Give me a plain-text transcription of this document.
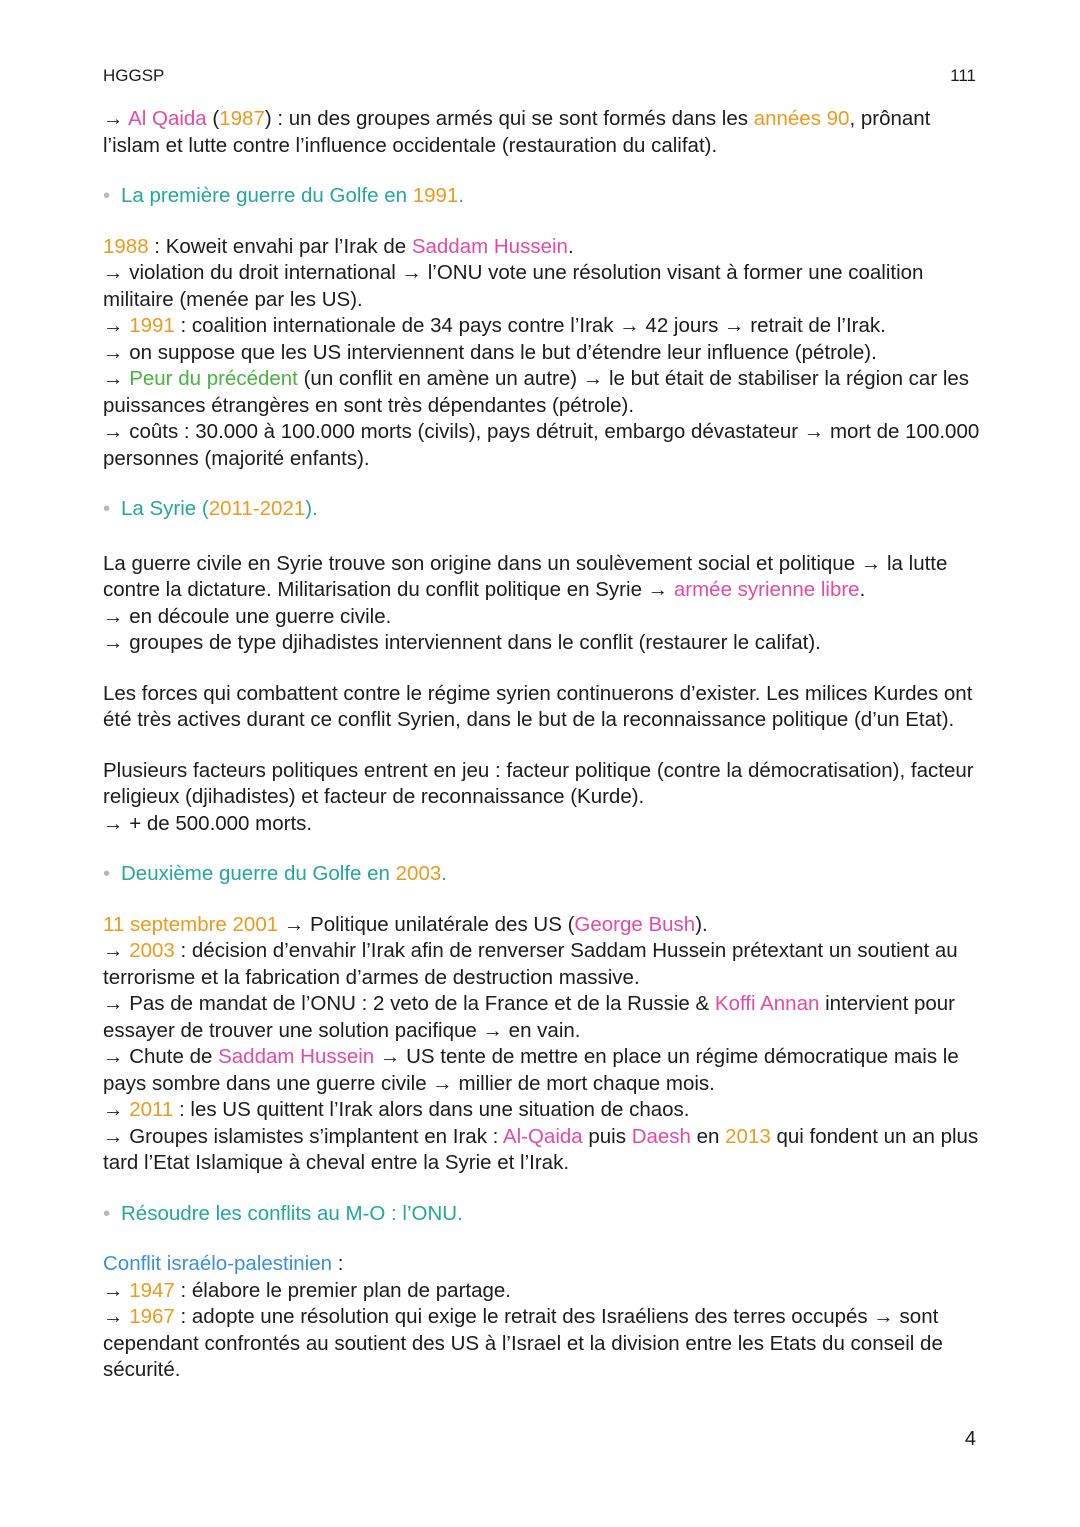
HGGSP	111

→ Al Qaida (1987) : un des groupes armés qui se sont formés dans les années 90, prônant l’islam et lutte contre l’influence occidentale (restauration du califat).

• La première guerre du Golfe en 1991.

1988 : Koweit envahi par l’Irak de Saddam Hussein.

→ violation du droit international → l’ONU vote une résolution visant à former une coalition militaire (menée par les US).

→ 1991 : coalition internationale de 34 pays contre l’Irak → 42 jours → retrait de l’Irak.

→ on suppose que les US interviennent dans le but d’étendre leur influence (pétrole).

→ Peur du précédent (un conflit en amène un autre) → le but était de stabiliser la région car les puissances étrangères en sont très dépendantes (pétrole).

→ coûts : 30.000 à 100.000 morts (civils), pays détruit, embargo dévastateur → mort de 100.000 personnes (majorité enfants).

• La Syrie (2011-2021).

La guerre civile en Syrie trouve son origine dans un soulèvement social et politique → la lutte contre la dictature. Militarisation du conflit politique en Syrie → armée syrienne libre.

→ en découle une guerre civile.

→ groupes de type djihadistes interviennent dans le conflit (restaurer le califat).

Les forces qui combattent contre le régime syrien continuerons d’exister. Les milices Kurdes ont été très actives durant ce conflit Syrien, dans le but de la reconnaissance politique (d’un Etat).

Plusieurs facteurs politiques entrent en jeu : facteur politique (contre la démocratisation), facteur religieux (djihadistes) et facteur de reconnaissance (Kurde).

→ + de 500.000 morts.

• Deuxième guerre du Golfe en 2003.

11 septembre 2001 → Politique unilatérale des US (George Bush).

→ 2003 : décision d’envahir l’Irak afin de renverser Saddam Hussein prétextant un soutient au terrorisme et la fabrication d’armes de destruction massive.

→ Pas de mandat de l’ONU : 2 veto de la France et de la Russie & Koffi Annan intervient pour essayer de trouver une solution pacifique → en vain.

→ Chute de Saddam Hussein → US tente de mettre en place un régime démocratique mais le pays sombre dans une guerre civile → millier de mort chaque mois.

→ 2011 : les US quittent l’Irak alors dans une situation de chaos.

→ Groupes islamistes s’implantent en Irak : Al-Qaida puis Daesh en 2013 qui fondent un an plus tard l’Etat Islamique à cheval entre la Syrie et l’Irak.

• Résoudre les conflits au M-O : l’ONU.

Conflit israélo-palestinien :

→ 1947 : élabore le premier plan de partage.

→ 1967 : adopte une résolution qui exige le retrait des Israéliens des terres occupés → sont cependant confrontés au soutient des US à l’Israel et la division entre les Etats du conseil de sécurité.

4
